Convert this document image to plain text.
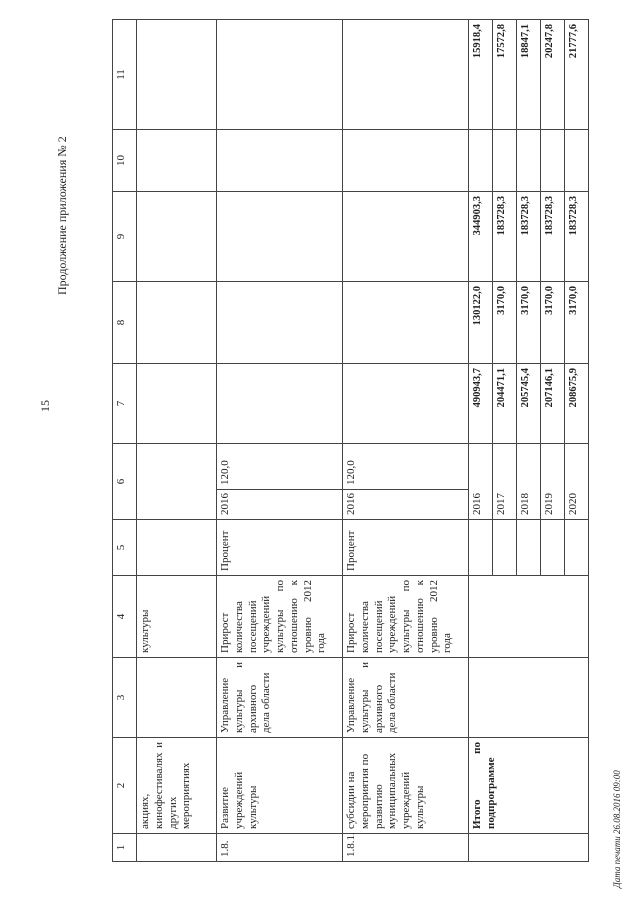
15
Продолжение приложения № 2
Дата печати 26.08.2016 09:00
1	2	3	4	5	6		7	8	9	10	11
	акциях, кинофестивалях и других мероприятиях		культуры								
1.8.	Развитие учреждений культуры	Управление культуры и архивного дела области	Прирост количества посещений учреждений культуры по отношению к уровню 2012 года	Процент	2016	120,0					
1.8.1.	субсидии на мероприятия по развитию муниципальных учреждений культуры	Управление культуры и архивного дела области	Прирост количества посещений учреждений культуры по отношению к уровню 2012 года	Процент	2016	120,0					
	Итого по подпрограмме				2016		490943,7	130122,0	344903,3		15918,4
					2017		204471,1	3170,0	183728,3		17572,8
					2018		205745,4	3170,0	183728,3		18847,1
					2019		207146,1	3170,0	183728,3		20247,8
					2020		208675,9	3170,0	183728,3		21777,6
